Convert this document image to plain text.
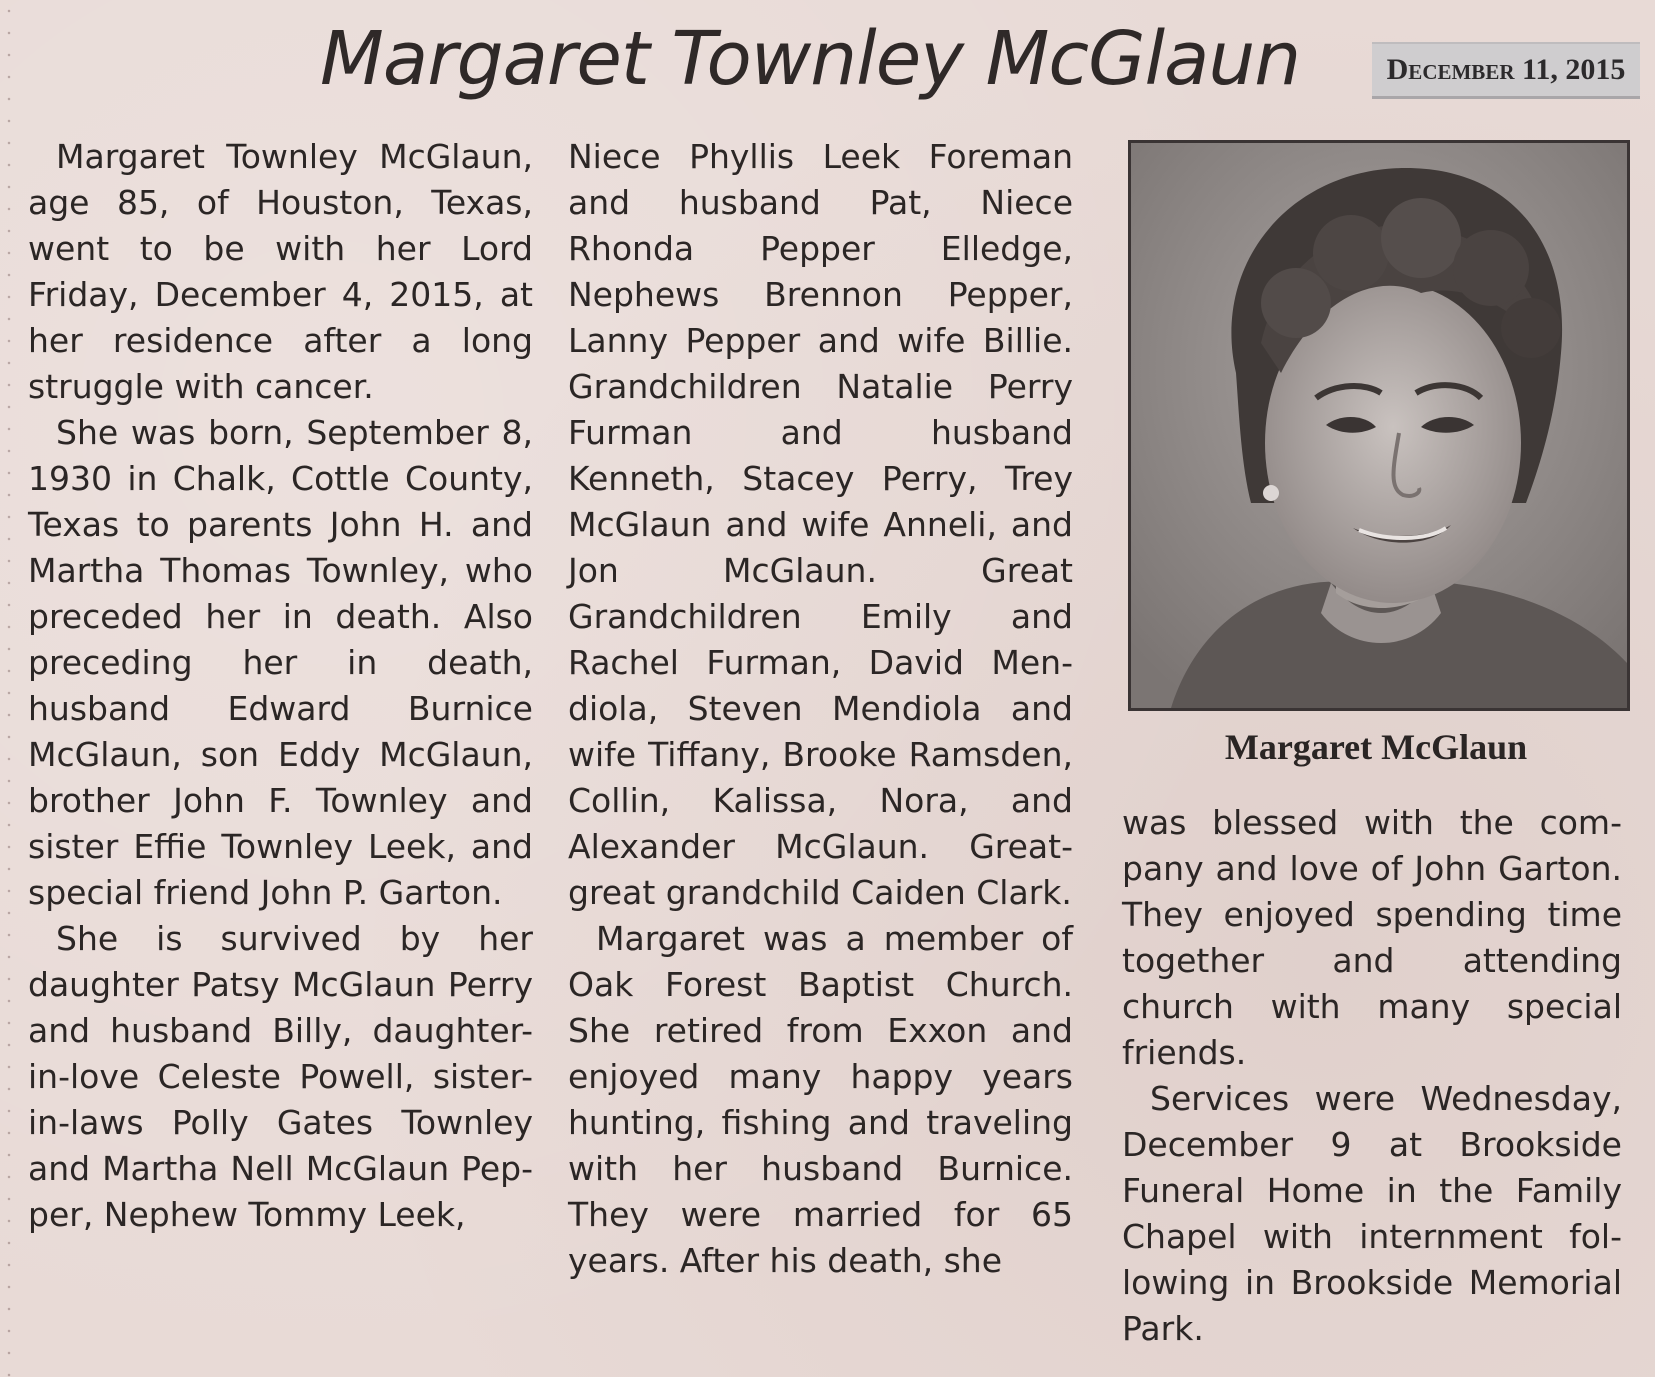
Margaret Townley McGlaun	December 11, 2015

Margaret Townley McGlaun, age 85, of Houston, Texas, went to be with her Lord Friday, December 4, 2015, at her residence after a long struggle with cancer.

She was born, September 8, 1930 in Chalk, Cottle County, Texas to parents John H. and Martha Thomas Townley, who preceded her in death. Also preceding her in death, husband Edward Burnice McGlaun, son Eddy McGlaun, brother John F. Townley and sister Effie Townley Leek, and special friend John P. Garton.

She is survived by her daughter Patsy McGlaun Perry and husband Billy, daughter-in-love Celeste Powell, sister-in-laws Polly Gates Townley and Martha Nell McGlaun Pepper, Nephew Tommy Leek,

Niece Phyllis Leek Foreman and husband Pat, Niece Rhonda Pepper Elledge, Nephews Brennon Pepper, Lanny Pepper and wife Billie. Grandchildren Natalie Perry Furman and husband Kenneth, Stacey Perry, Trey McGlaun and wife Anneli, and Jon McGlaun. Great Grandchildren Emily and Rachel Furman, David Mendiola, Steven Mendiola and wife Tiffany, Brooke Ramsden, Collin, Kalissa, Nora, and Alexander McGlaun. Great-great grandchild Caiden Clark.

Margaret was a member of Oak Forest Baptist Church. She retired from Exxon and enjoyed many happy years hunting, fishing and traveling with her husband Burnice. They were married for 65 years. After his death, she

Margaret McGlaun

was blessed with the company and love of John Garton. They enjoyed spending time together and attending church with many special friends.

Services were Wednesday, December 9 at Brookside Funeral Home in the Family Chapel with internment following in Brookside Memorial Park.
